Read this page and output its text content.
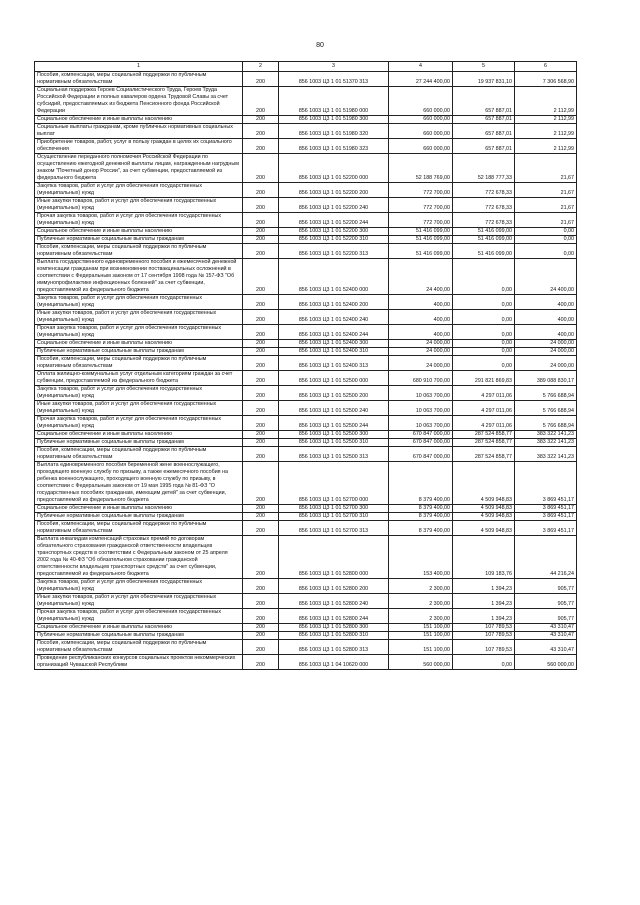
80
1	2	3	4	5	6
Пособия, компенсации, меры социальной поддержки по публичным нормативным обязательствам	200	856 1003 Ц3 1 01 51370 313	27 244 400,00	19 937 831,10	7 306 568,90
Социальная поддержка Героев Социалистического Труда, Героев Труда Российской Федерации и полных кавалеров ордена Трудовой Славы за счет субсидий, предоставляемых из бюджета Пенсионного фонда Российской Федерации	200	856 1003 Ц3 1 01 51980 000	660 000,00	657 887,01	2 112,99
Социальное обеспечение и иные выплаты населению	200	856 1003 Ц3 1 01 51980 300	660 000,00	657 887,01	2 112,99
Социальные выплаты гражданам, кроме публичных нормативных социальных выплат	200	856 1003 Ц3 1 01 51980 320	660 000,00	657 887,01	2 112,99
Приобретение товаров, работ, услуг в пользу граждан в целях их социального обеспечения	200	856 1003 Ц3 1 01 51980 323	660 000,00	657 887,01	2 112,99
Осуществление переданного полномочия Российской Федерации по осуществлению ежегодной денежной выплаты лицам, награжденным нагрудным знаком "Почетный донор России", за счет субвенции, предоставляемой из федерального бюджета	200	856 1003 Ц3 1 01 52200 000	52 188 769,00	52 188 777,33	21,67
Закупка товаров, работ и услуг для обеспечения государственных (муниципальных) нужд	200	856 1003 Ц3 1 01 52200 200	772 700,00	772 678,33	21,67
Иные закупки товаров, работ и услуг для обеспечения государственных (муниципальных) нужд	200	856 1003 Ц3 1 01 52200 240	772 700,00	772 678,33	21,67
Прочая закупка товаров, работ и услуг для обеспечения государственных (муниципальных) нужд	200	856 1003 Ц3 1 01 52200 244	772 700,00	772 678,33	21,67
Социальное обеспечение и иные выплаты населению	200	856 1003 Ц3 1 01 52200 300	51 416 099,00	51 416 099,00	0,00
Публичные нормативные социальные выплаты гражданам	200	856 1003 Ц3 1 01 52200 310	51 416 099,00	51 416 099,00	0,00
Пособия, компенсации, меры социальной поддержки по публичным нормативным обязательствам	200	856 1003 Ц3 1 01 52200 313	51 416 099,00	51 416 099,00	0,00
Выплата государственного единовременного пособия и ежемесячной денежной компенсации гражданам при возникновении поствакцинальных осложнений в соответствии с Федеральным законом от 17 сентября 1998 года № 157-ФЗ "Об иммунопрофилактике инфекционных болезней" за счет субвенции, предоставляемой из федерального бюджета	200	856 1003 Ц3 1 01 52400 000	24 400,00	0,00	24 400,00
Закупка товаров, работ и услуг для обеспечения государственных (муниципальных) нужд	200	856 1003 Ц3 1 01 52400 200	400,00	0,00	400,00
Иные закупки товаров, работ и услуг для обеспечения государственных (муниципальных) нужд	200	856 1003 Ц3 1 01 52400 240	400,00	0,00	400,00
Прочая закупка товаров, работ и услуг для обеспечения государственных (муниципальных) нужд	200	856 1003 Ц3 1 01 52400 244	400,00	0,00	400,00
Социальное обеспечение и иные выплаты населению	200	856 1003 Ц3 1 01 52400 300	24 000,00	0,00	24 000,00
Публичные нормативные социальные выплаты гражданам	200	856 1003 Ц3 1 01 52400 310	24 000,00	0,00	24 000,00
Пособия, компенсации, меры социальной поддержки по публичным нормативным обязательствам	200	856 1003 Ц3 1 01 52400 313	24 000,00	0,00	24 000,00
Оплата жилищно-коммунальных услуг отдельным категориям граждан за счет субвенции, предоставляемой из федерального бюджета	200	856 1003 Ц3 1 01 52500 000	680 910 700,00	291 821 869,83	389 088 830,17
Закупка товаров, работ и услуг для обеспечения государственных (муниципальных) нужд	200	856 1003 Ц3 1 01 52500 200	10 063 700,00	4 297 011,06	5 766 688,94
Иные закупки товаров, работ и услуг для обеспечения государственных (муниципальных) нужд	200	856 1003 Ц3 1 01 52500 240	10 063 700,00	4 297 011,06	5 766 688,94
Прочая закупка товаров, работ и услуг для обеспечения государственных (муниципальных) нужд	200	856 1003 Ц3 1 01 52500 244	10 063 700,00	4 297 011,06	5 766 688,94
Социальное обеспечение и иные выплаты населению	200	856 1003 Ц3 1 01 52500 300	670 847 000,00	287 524 858,77	383 322 141,23
Публичные нормативные социальные выплаты гражданам	200	856 1003 Ц3 1 01 52500 310	670 847 000,00	287 524 858,77	383 322 141,23
Пособия, компенсации, меры социальной поддержки по публичным нормативным обязательствам	200	856 1003 Ц3 1 01 52500 313	670 847 000,00	287 524 858,77	383 322 141,23
Выплата единовременного пособия беременной жене военнослужащего, проходящего военную службу по призыву, а также ежемесячного пособия на ребенка военнослужащего, проходящего военную службу по призыву, в соответствии с Федеральным законом от 19 мая 1995 года № 81-ФЗ "О государственных пособиях гражданам, имеющим детей" за счет субвенции, предоставляемой из федерального бюджета	200	856 1003 Ц3 1 01 52700 000	8 379 400,00	4 509 948,83	3 869 451,17
Социальное обеспечение и иные выплаты населению	200	856 1003 Ц3 1 01 52700 300	8 379 400,00	4 509 948,83	3 869 451,17
Публичные нормативные социальные выплаты гражданам	200	856 1003 Ц3 1 01 52700 310	8 379 400,00	4 509 948,83	3 869 451,17
Пособия, компенсации, меры социальной поддержки по публичным нормативным обязательствам	200	856 1003 Ц3 1 01 52700 313	8 379 400,00	4 509 948,83	3 869 451,17
Выплата инвалидам компенсаций страховых премий по договорам обязательного страхования гражданской ответственности владельцев транспортных средств в соответствии с Федеральным законом от 25 апреля 2002 года № 40-ФЗ "Об обязательном страховании гражданской ответственности владельцев транспортных средств" за счет субвенции, предоставляемой из федерального бюджета	200	856 1003 Ц3 1 01 52800 000	153 400,00	109 183,76	44 216,24
Закупка товаров, работ и услуг для обеспечения государственных (муниципальных) нужд	200	856 1003 Ц3 1 01 52800 200	2 300,00	1 394,23	905,77
Иные закупки товаров, работ и услуг для обеспечения государственных (муниципальных) нужд	200	856 1003 Ц3 1 01 52800 240	2 300,00	1 394,23	905,77
Прочая закупка товаров, работ и услуг для обеспечения государственных (муниципальных) нужд	200	856 1003 Ц3 1 01 52800 244	2 300,00	1 394,23	905,77
Социальное обеспечение и иные выплаты населению	200	856 1003 Ц3 1 01 52800 300	151 100,00	107 789,53	43 310,47
Публичные нормативные социальные выплаты гражданам	200	856 1003 Ц3 1 01 52800 310	151 100,00	107 789,53	43 310,47
Пособия, компенсации, меры социальной поддержки по публичным нормативным обязательствам	200	856 1003 Ц3 1 01 52800 313	151 100,00	107 789,53	43 310,47
Проведение республиканских конкурсов социальных проектов некоммерческих организаций Чувашской Республики	200	856 1003 Ц3 1 04 10620 000	560 000,00	0,00	560 000,00
